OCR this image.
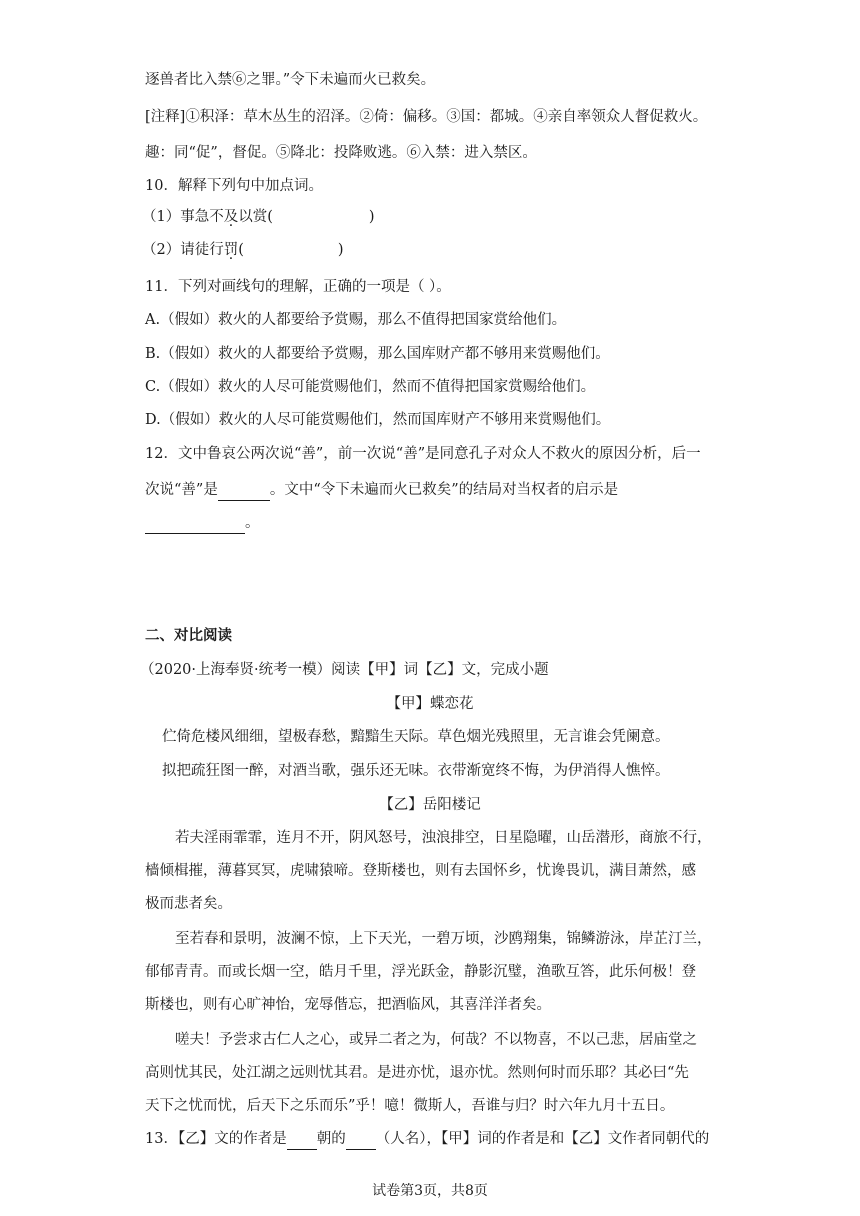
逐兽者比入禁⑥之罪。”令下未遍而火已救矣。
[注释]①积泽：草木丛生的沼泽。②倚：偏移。③国：都城。④亲自率领众人督促救火。
趣：同“促”，督促。⑤降北：投降败逃。⑥入禁：进入禁区。
10．解释下列句中加点词。
（1）事急不及以赏(	)
（2）请徒行罚(	)
11．下列对画线句的理解，正确的一项是（ ）。
A.（假如）救火的人都要给予赏赐，那么不值得把国家赏给他们。
B.（假如）救火的人都要给予赏赐，那么国库财产都不够用来赏赐他们。
C.（假如）救火的人尽可能赏赐他们，然而不值得把国家赏赐给他们。
D.（假如）救火的人尽可能赏赐他们，然而国库财产不够用来赏赐他们。
12．文中鲁哀公两次说“善”，前一次说“善”是同意孔子对众人不救火的原因分析，后一
次说“善”是	。文中“令下未遍而火已救矣”的结局对当权者的启示是
。
二、对比阅读
（2020·上海奉贤·统考一模）阅读【甲】词【乙】文，完成小题
【甲】蝶恋花
伫倚危楼风细细，望极春愁，黯黯生天际。草色烟光残照里，无言谁会凭阑意。
拟把疏狂图一醉，对酒当歌，强乐还无味。衣带渐宽终不悔，为伊消得人憔悴。
【乙】岳阳楼记
若夫淫雨霏霏，连月不开，阴风怒号，浊浪排空，日星隐曜，山岳潜形，商旅不行，
樯倾楫摧，薄暮冥冥，虎啸猿啼。登斯楼也，则有去国怀乡，忧谗畏讥，满目萧然，感
极而悲者矣。
至若春和景明，波澜不惊，上下天光，一碧万顷，沙鸥翔集，锦鳞游泳，岸芷汀兰，
郁郁青青。而或长烟一空，皓月千里，浮光跃金，静影沉璧，渔歌互答，此乐何极！登
斯楼也，则有心旷神怡，宠辱偕忘，把酒临风，其喜洋洋者矣。
嗟夫！予尝求古仁人之心，或异二者之为，何哉？不以物喜，不以己悲，居庙堂之
高则忧其民，处江湖之远则忧其君。是进亦忧，退亦忧。然则何时而乐耶？其必曰“先
天下之忧而忧，后天下之乐而乐”乎！噫！微斯人，吾谁与归？时六年九月十五日。
13．【乙】文的作者是 朝的 （人名），【甲】词的作者是和【乙】文作者同朝代的
试卷第3页，共8页
